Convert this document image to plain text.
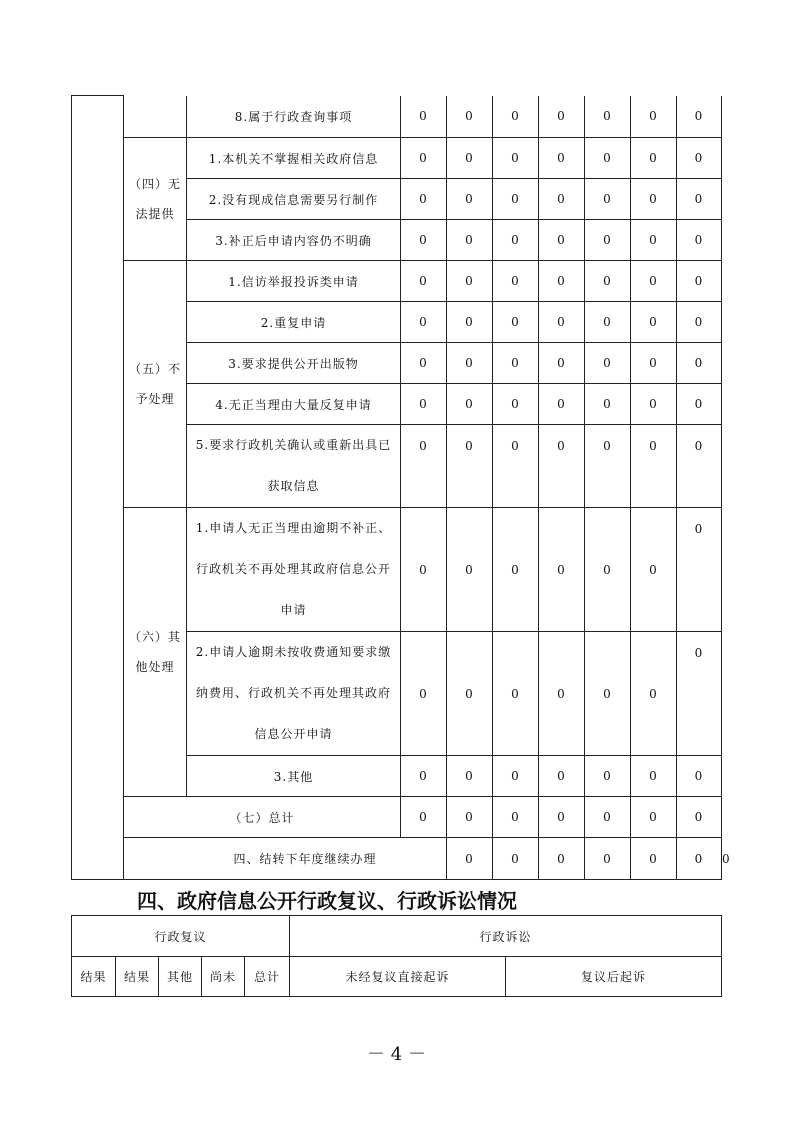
		8.属于行政查询事项	0	0	0	0	0	0	0	
	（四）无法提供	1.本机关不掌握相关政府信息	0	0	0	0	0	0	0	
		2.没有现成信息需要另行制作	0	0	0	0	0	0	0	
		3.补正后申请内容仍不明确	0	0	0	0	0	0	0	
	（五）不予处理	1.信访举报投诉类申请	0	0	0	0	0	0	0	
		2.重复申请	0	0	0	0	0	0	0	
		3.要求提供公开出版物	0	0	0	0	0	0	0	
		4.无正当理由大量反复申请	0	0	0	0	0	0	0	
		5.要求行政机关确认或重新出具已获取信息	0	0	0	0	0	0	0	
	（六）其他处理	1.申请人无正当理由逾期不补正、行政机关不再处理其政府信息公开申请	0	0	0	0	0	0	0	
		2.申请人逾期未按收费通知要求缴纳费用、行政机关不再处理其政府信息公开申请	0	0	0	0	0	0	0	
		3.其他	0	0	0	0	0	0	0	
	（七）总计		0	0	0	0	0	0	0	
	四、结转下年度继续办理			0	0	0	0	0	0	0
四、政府信息公开行政复议、行政诉讼情况
行政复议					行政诉讼	
结果	结果	其他	尚未	总计	未经复议直接起诉	复议后起诉
－ 4 －
